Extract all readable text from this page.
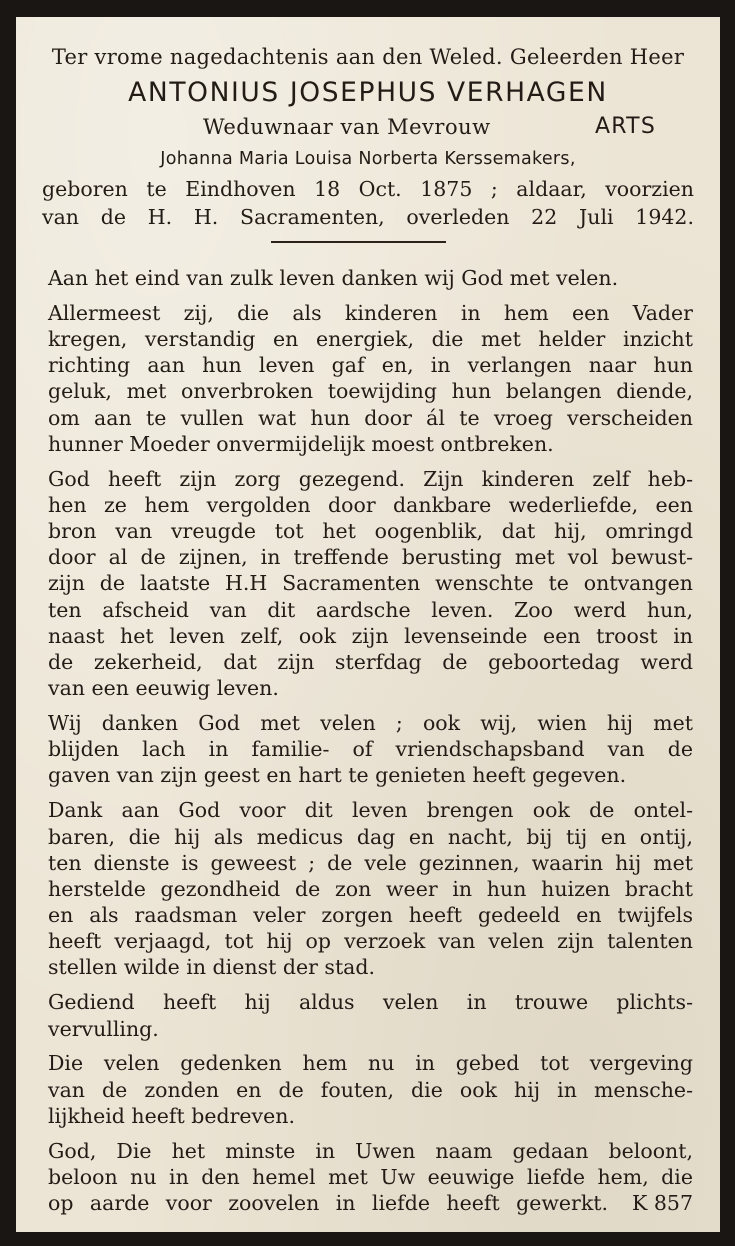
Ter vrome nagedachtenis aan den Weled. Geleerden Heer
ANTONIUS JOSEPHUS VERHAGEN
Weduwnaar van Mevrouw	ARTS
Johanna Maria Louisa Norberta Kerssemakers,
geboren te Eindhoven 18 Oct. 1875 ; aldaar, voorzien
van de H. H. Sacramenten, overleden 22 Juli 1942.
Aan het eind van zulk leven danken wij God met velen.
Allermeest zij, die als kinderen in hem een Vader
kregen, verstandig en energiek, die met helder inzicht
richting aan hun leven gaf en, in verlangen naar hun
geluk, met onverbroken toewijding hun belangen diende,
om aan te vullen wat hun door ál te vroeg verscheiden
hunner Moeder onvermijdelijk moest ontbreken.
God heeft zijn zorg gezegend. Zijn kinderen zelf heb-
hen ze hem vergolden door dankbare wederliefde, een
bron van vreugde tot het oogenblik, dat hij, omringd
door al de zijnen, in treffende berusting met vol bewust-
zijn de laatste H.H Sacramenten wenschte te ontvangen
ten afscheid van dit aardsche leven. Zoo werd hun,
naast het leven zelf, ook zijn levenseinde een troost in
de zekerheid, dat zijn sterfdag de geboortedag werd
van een eeuwig leven.
Wij danken God met velen ; ook wij, wien hij met
blijden lach in familie- of vriendschapsband van de
gaven van zijn geest en hart te genieten heeft gegeven.
Dank aan God voor dit leven brengen ook de ontel-
baren, die hij als medicus dag en nacht, bij tij en ontij,
ten dienste is geweest ; de vele gezinnen, waarin hij met
herstelde gezondheid de zon weer in hun huizen bracht
en als raadsman veler zorgen heeft gedeeld en twijfels
heeft verjaagd, tot hij op verzoek van velen zijn talenten
stellen wilde in dienst der stad.
Gediend heeft hij aldus velen in trouwe plichts-
vervulling.
Die velen gedenken hem nu in gebed tot vergeving
van de zonden en de fouten, die ook hij in mensche-
lijkheid heeft bedreven.
God, Die het minste in Uwen naam gedaan beloont,
beloon nu in den hemel met Uw eeuwige liefde hem, die
op aarde voor zoovelen in liefde heeft gewerkt. K 857
